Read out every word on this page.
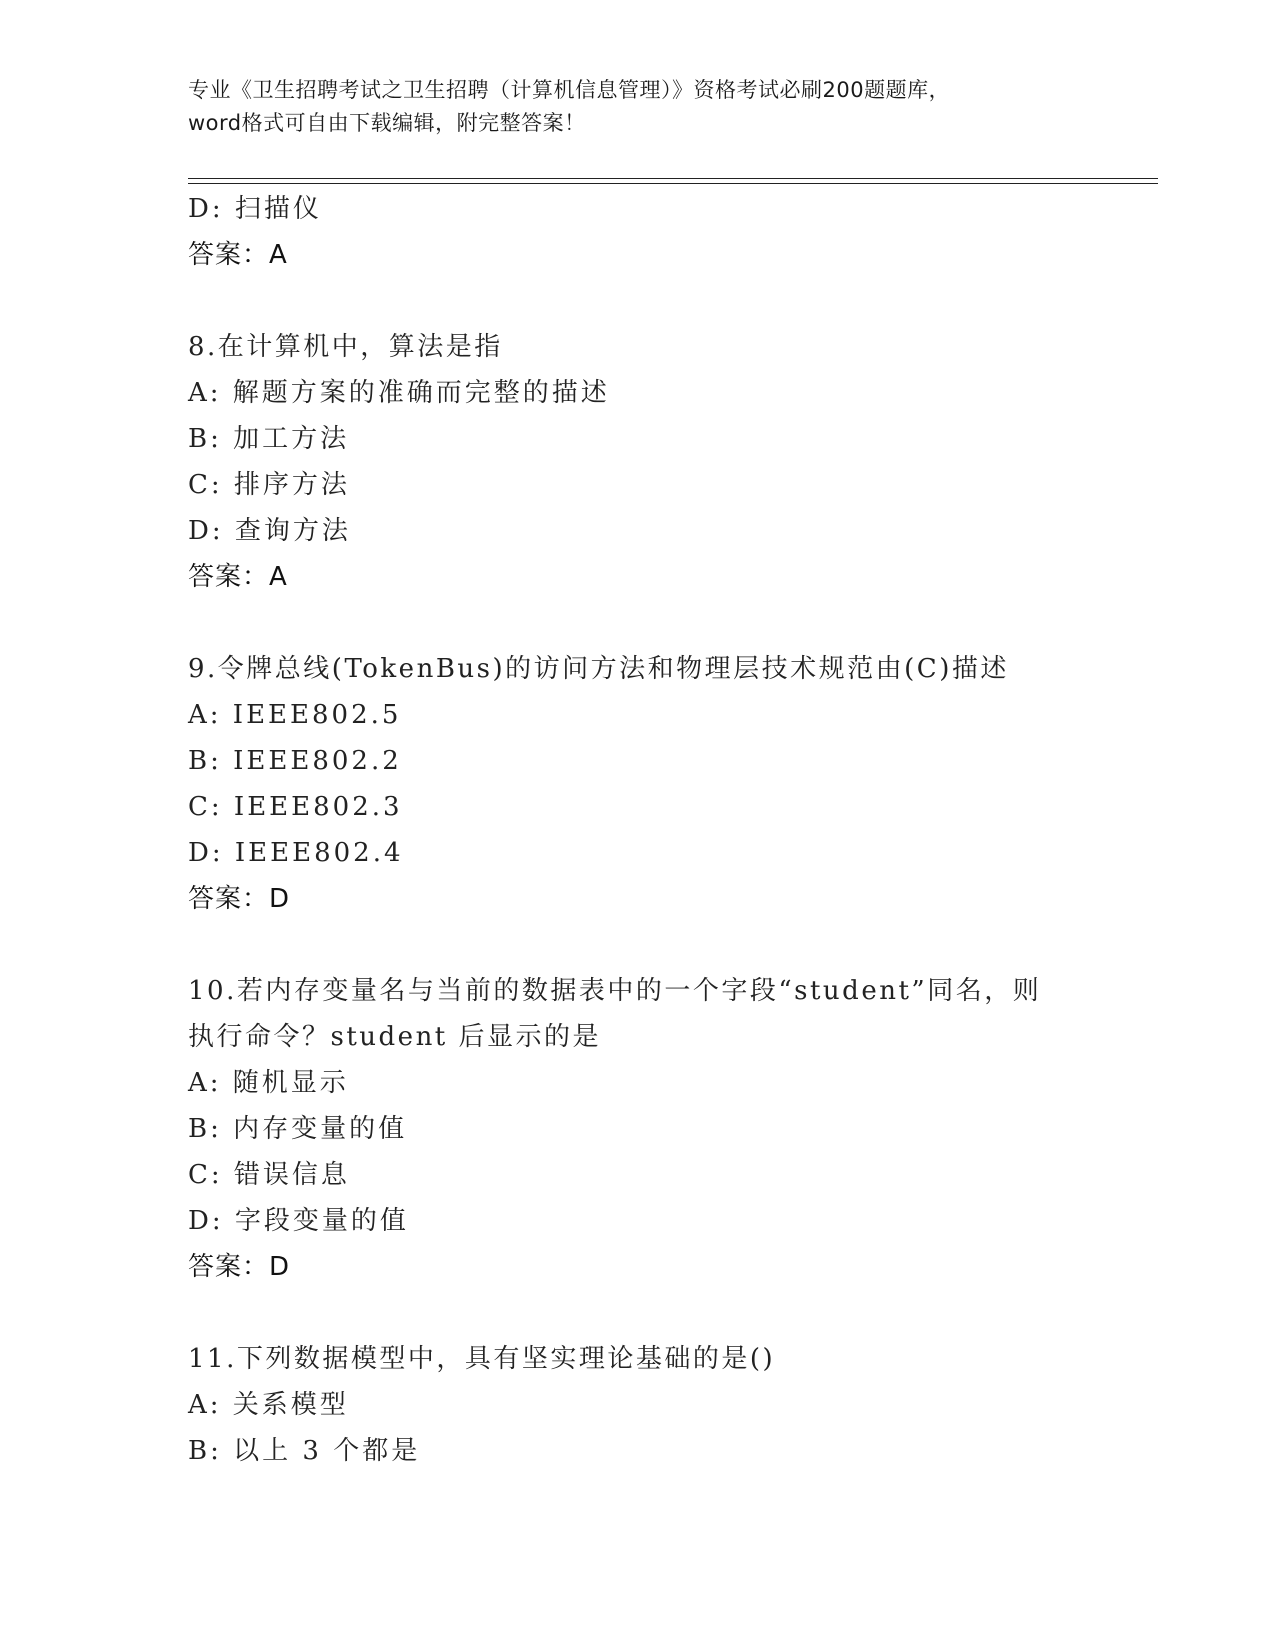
专业《卫生招聘考试之卫生招聘（计算机信息管理）》资格考试必刷200题题库，
word格式可自由下载编辑，附完整答案！
D: 扫描仪
答案：A
8.在计算机中，算法是指
A: 解题方案的准确而完整的描述
B: 加工方法
C: 排序方法
D: 查询方法
答案：A
9.令牌总线(TokenBus)的访问方法和物理层技术规范由(C)描述
A: IEEE802.5
B: IEEE802.2
C: IEEE802.3
D: IEEE802.4
答案：D
10.若内存变量名与当前的数据表中的一个字段“student”同名，则
执行命令？student 后显示的是
A: 随机显示
B: 内存变量的值
C: 错误信息
D: 字段变量的值
答案：D
11.下列数据模型中，具有坚实理论基础的是()
A: 关系模型
B: 以上 3 个都是
